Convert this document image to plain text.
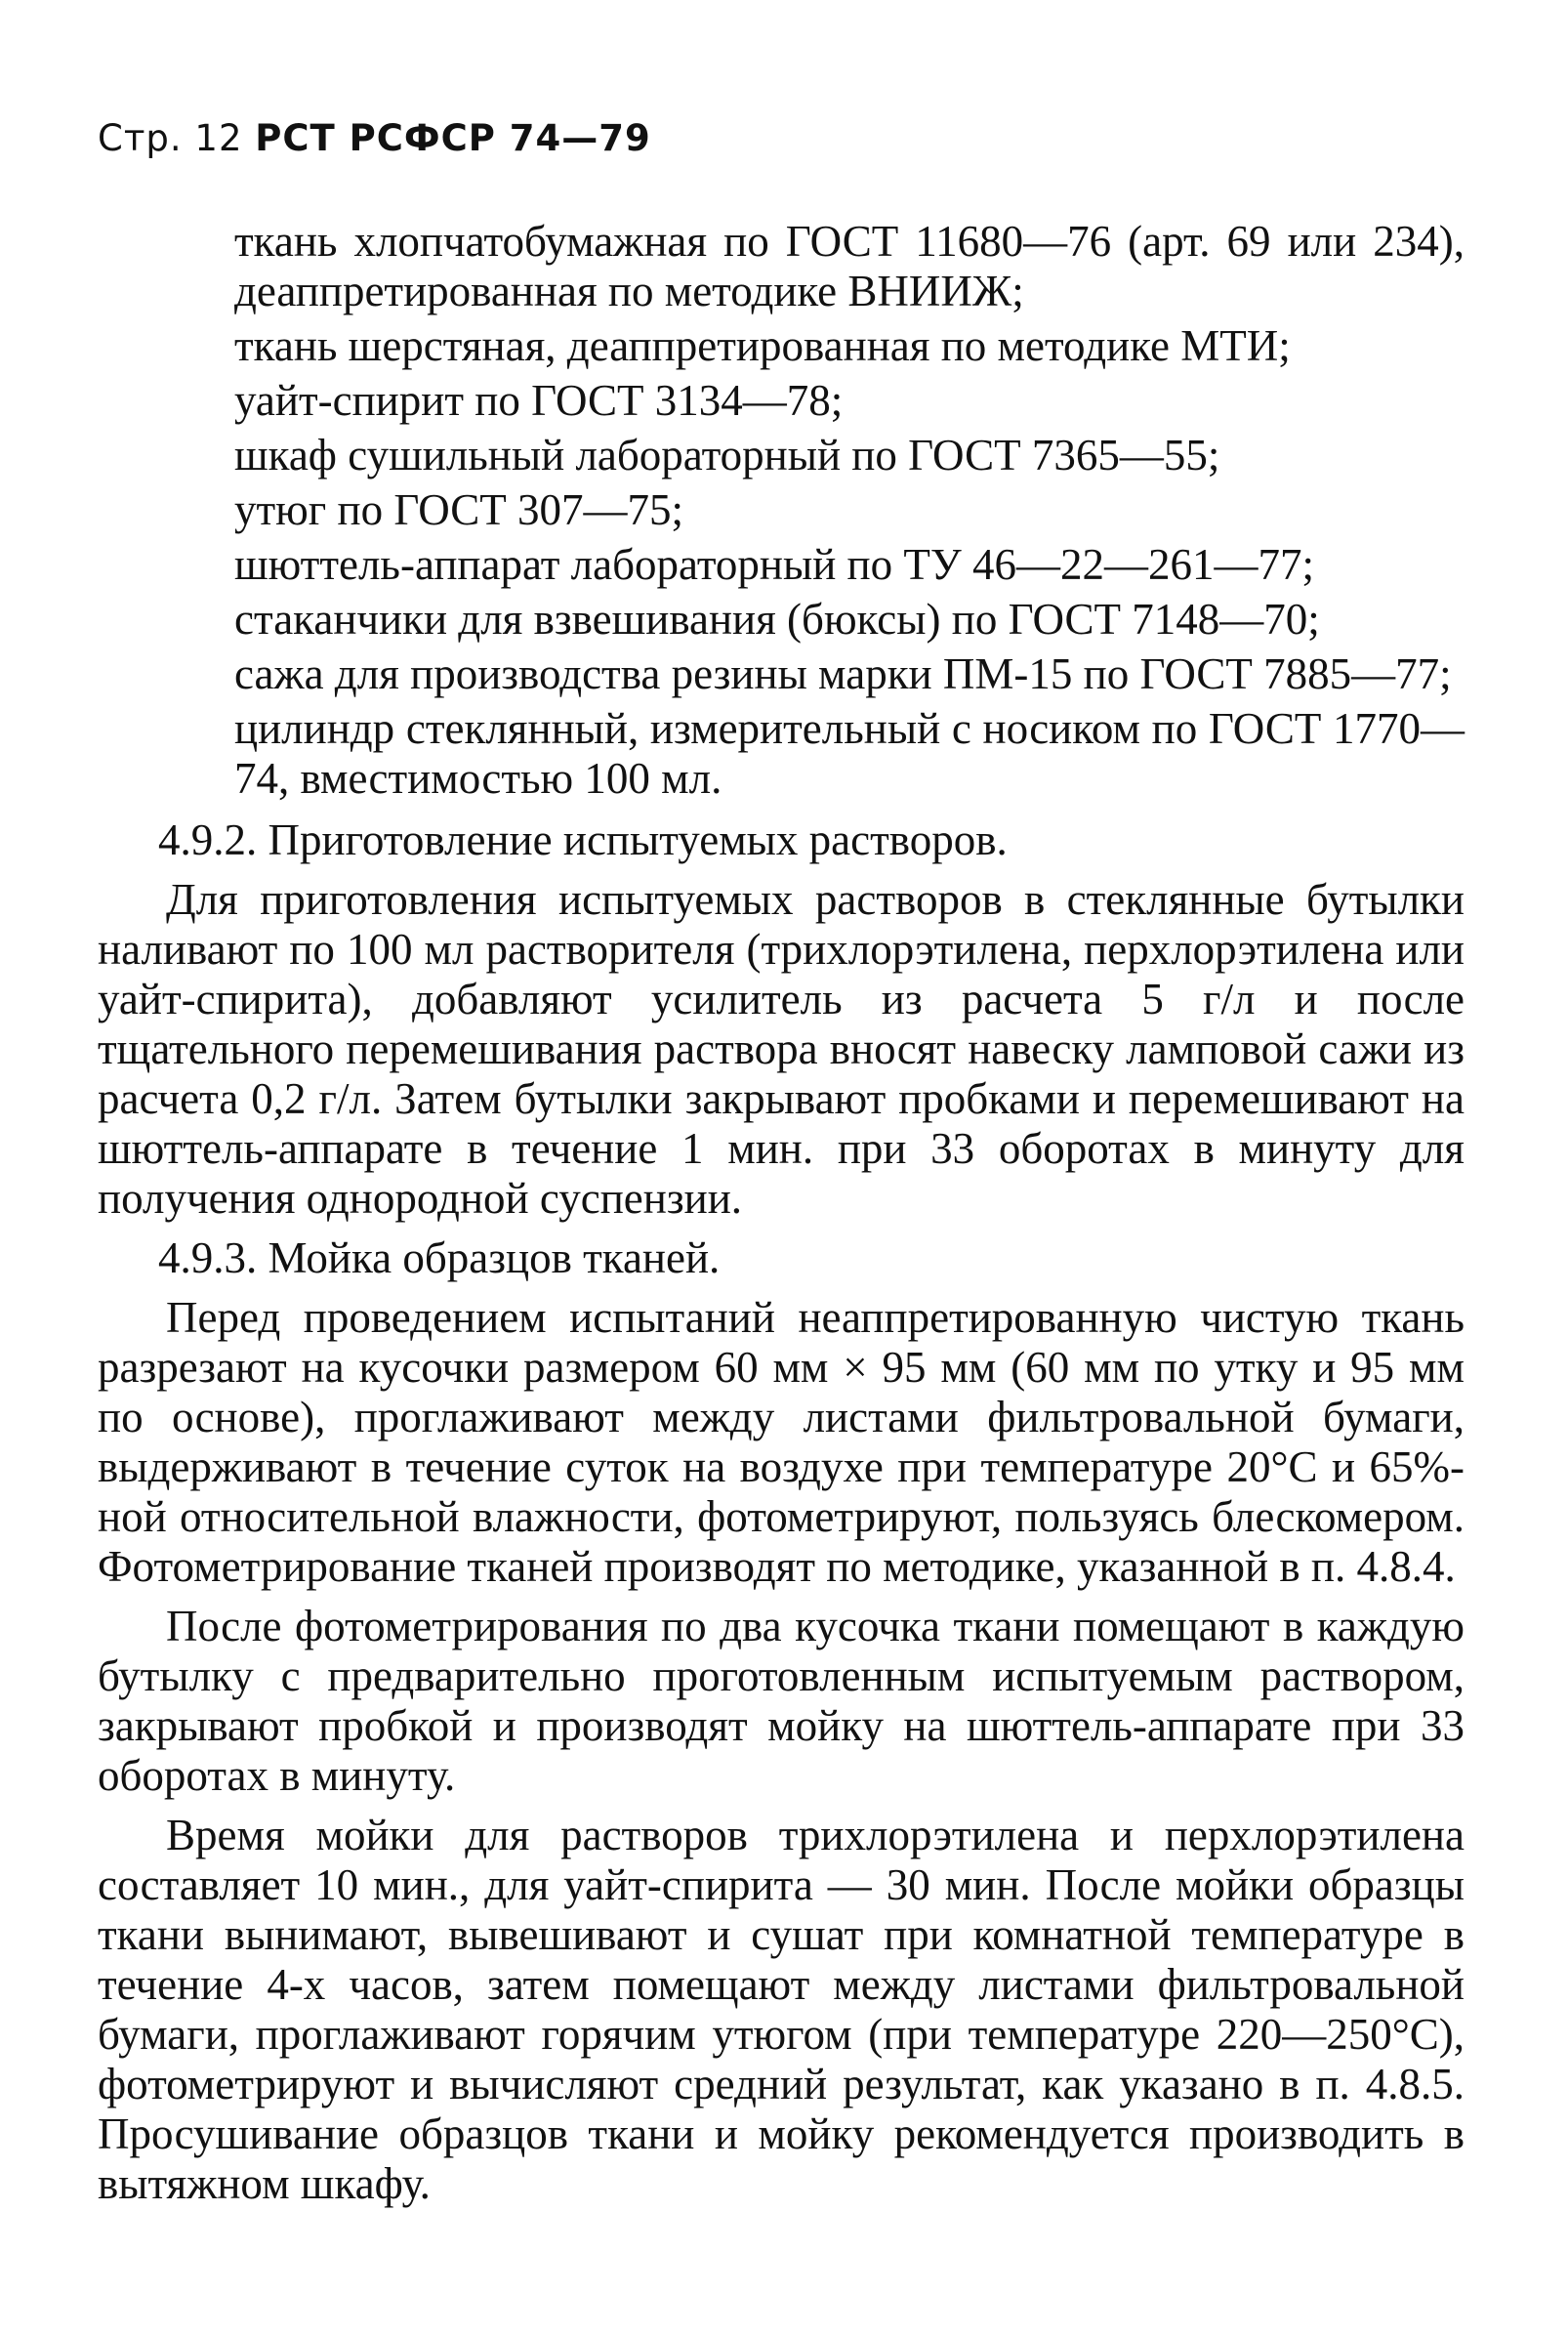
Стр. 12 РСТ РСФСР 74—79
ткань хлопчатобумажная по ГОСТ 11680—76 (арт. 69 или 234), деаппретированная по методике ВНИИЖ;
ткань шерстяная, деаппретированная по методике МТИ;
уайт-спирит по ГОСТ 3134—78;
шкаф сушильный лабораторный по ГОСТ 7365—55;
утюг по ГОСТ 307—75;
шюттель-аппарат лабораторный по ТУ 46—22—261—77;
стаканчики для взвешивания (бюксы) по ГОСТ 7148—70;
сажа для производства резины марки ПМ-15 по ГОСТ 7885—77;
цилиндр стеклянный, измерительный с носиком по ГОСТ 1770—74, вместимостью 100 мл.
4.9.2. Приготовление испытуемых растворов.
Для приготовления испытуемых растворов в стеклянные бутылки наливают по 100 мл растворителя (трихлорэтилена, перхлорэтилена или уайт-спирита), добавляют усилитель из расчета 5 г/л и после тщательного перемешивания раствора вносят навеску ламповой сажи из расчета 0,2 г/л. Затем бутылки закрывают пробками и перемешивают на шюттель-аппарате в течение 1 мин. при 33 оборотах в минуту для получения однородной суспензии.
4.9.3. Мойка образцов тканей.
Перед проведением испытаний неаппретированную чистую ткань разрезают на кусочки размером 60 мм × 95 мм (60 мм по утку и 95 мм по основе), проглаживают между листами фильтровальной бумаги, выдерживают в течение суток на воздухе при температуре 20°С и 65%-ной относительной влажности, фотометрируют, пользуясь блескомером. Фотометрирование тканей производят по методике, указанной в п. 4.8.4.
После фотометрирования по два кусочка ткани помещают в каждую бутылку с предварительно проготовленным испытуемым раствором, закрывают пробкой и производят мойку на шюттель-аппарате при 33 оборотах в минуту.
Время мойки для растворов трихлорэтилена и перхлорэтилена составляет 10 мин., для уайт-спирита — 30 мин. После мойки образцы ткани вынимают, вывешивают и сушат при комнатной температуре в течение 4-х часов, затем помещают между листами фильтровальной бумаги, проглаживают горячим утюгом (при температуре 220—250°С), фотометрируют и вычисляют средний результат, как указано в п. 4.8.5. Просушивание образцов ткани и мойку рекомендуется производить в вытяжном шкафу.
